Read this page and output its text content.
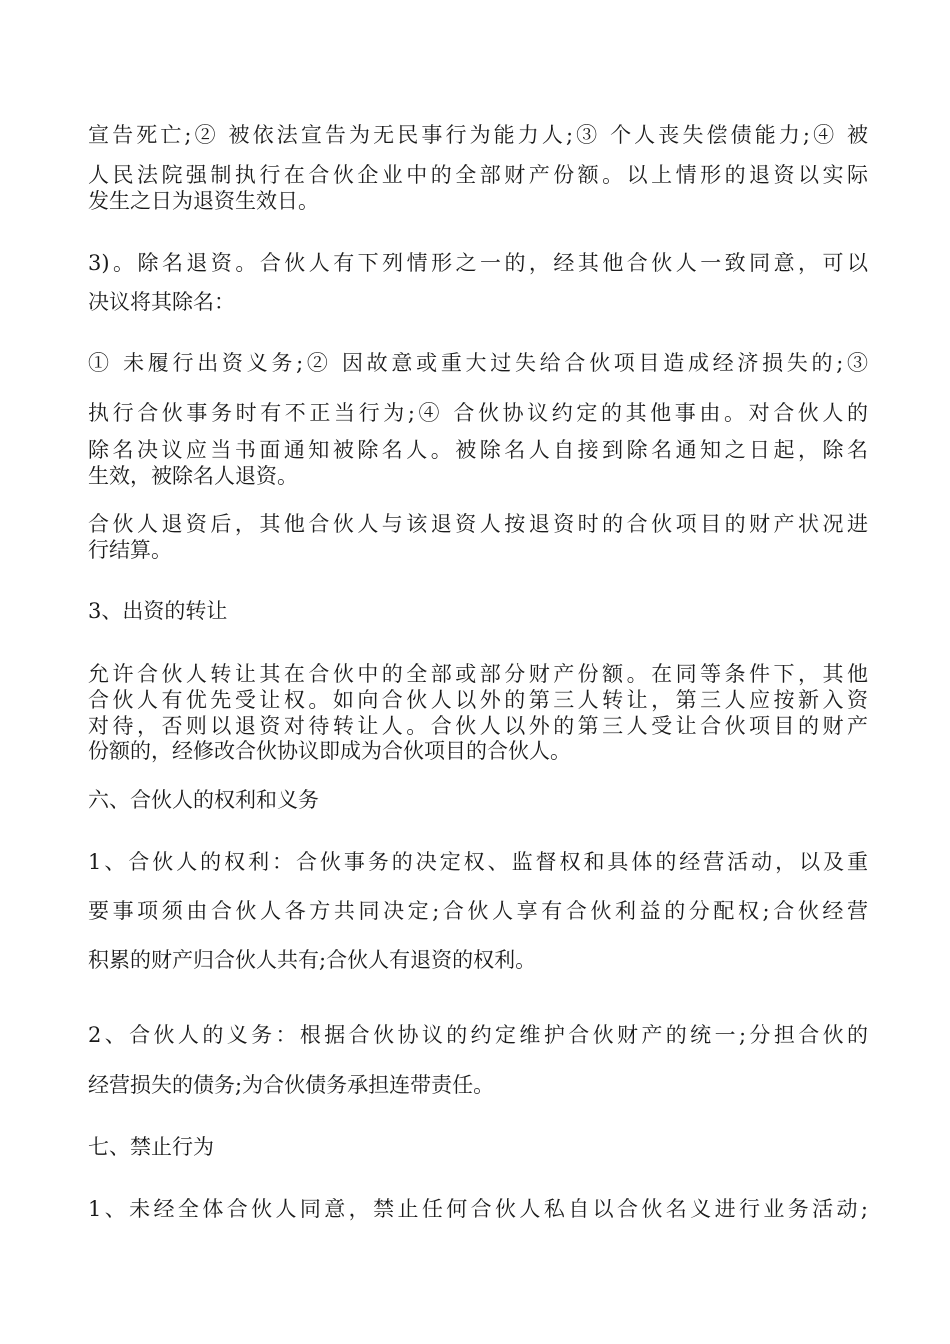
宣告死亡;② 被依法宣告为无民事行为能力人;③ 个人丧失偿债能力;④ 被
人民法院强制执行在合伙企业中的全部财产份额。以上情形的退资以实际
发生之日为退资生效日。
3)。除名退资。合伙人有下列情形之一的，经其他合伙人一致同意，可以
决议将其除名：
① 未履行出资义务;② 因故意或重大过失给合伙项目造成经济损失的;③
执行合伙事务时有不正当行为;④ 合伙协议约定的其他事由。对合伙人的
除名决议应当书面通知被除名人。被除名人自接到除名通知之日起，除名
生效，被除名人退资。
合伙人退资后，其他合伙人与该退资人按退资时的合伙项目的财产状况进
行结算。
3、出资的转让
允许合伙人转让其在合伙中的全部或部分财产份额。在同等条件下，其他
合伙人有优先受让权。如向合伙人以外的第三人转让，第三人应按新入资
对待，否则以退资对待转让人。合伙人以外的第三人受让合伙项目的财产
份额的，经修改合伙协议即成为合伙项目的合伙人。
六、合伙人的权利和义务
1、合伙人的权利：合伙事务的决定权、监督权和具体的经营活动，以及重
要事项须由合伙人各方共同决定;合伙人享有合伙利益的分配权;合伙经营
积累的财产归合伙人共有;合伙人有退资的权利。
2、合伙人的义务：根据合伙协议的约定维护合伙财产的统一;分担合伙的
经营损失的债务;为合伙债务承担连带责任。
七、禁止行为
1、未经全体合伙人同意，禁止任何合伙人私自以合伙名义进行业务活动;
